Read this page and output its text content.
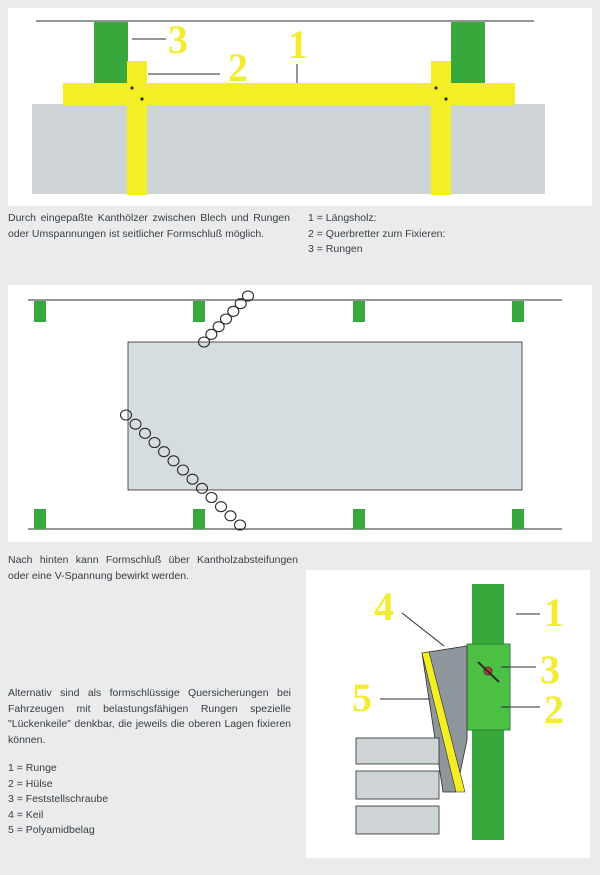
3
2
1

Durch eingepaßte Kanthölzer zwischen Blech und Rungen oder Umspannungen ist seitlicher Formschluß möglich.

1 = Längsholz:
2 = Querbretter zum Fixieren:
3 = Rungen

Nach hinten kann Formschluß über Kantholzabsteifungen oder eine V-Spannung bewirkt werden.

1
3
2
4
5

Alternativ sind als formschlüssige Quersicherungen bei Fahrzeugen mit belastungsfähigen Rungen spezielle "Lückenkeile" denkbar, die jeweils die oberen Lagen fixieren können.

1 = Runge
2 = Hülse
3 = Feststellschraube
4 = Keil
5 = Polyamidbelag
